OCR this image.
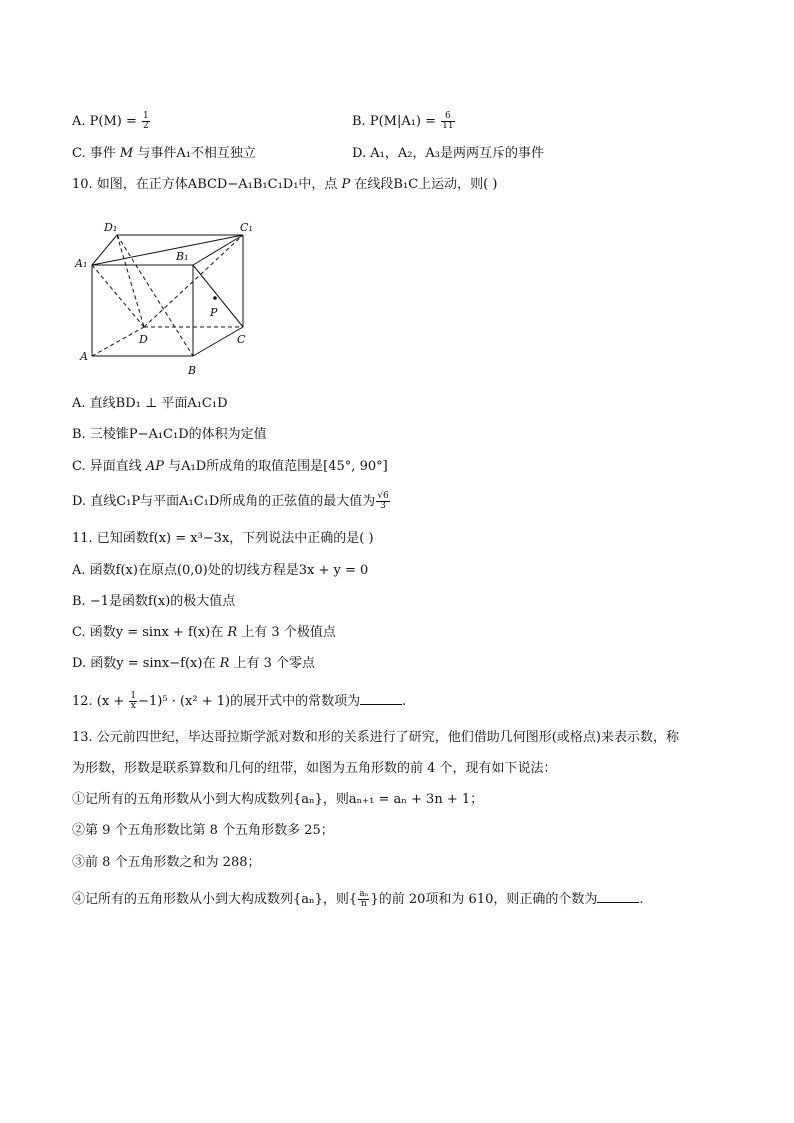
A. $P(M) = \frac{1}{2}$	B. $P(M|A_1) = \frac{6}{11}$
C. 事件 M 与事件A₁不相互独立	D. A₁，A₂，A₃是两两互斥的事件
10. 如图，在正方体ABCD−A₁B₁C₁D₁中，点 P 在线段B₁C上运动，则( )
D₁	C₁
A₁
B₁
P
D	C
A
B
A. 直线BD₁ ⊥ 平面A₁C₁D
B. 三棱锥P−A₁C₁D的体积为定值
C. 异面直线 AP 与A₁D所成角的取值范围是[45°, 90°]
D. 直线C₁P与平面A₁C₁D所成角的正弦值的最大值为 $\frac{√6}{3}$
11. 已知函数f(x) = x³−3x，下列说法中正确的是( )
A. 函数f(x)在原点(0,0)处的切线方程是3x + y = 0
B. −1是函数f(x)的极大值点
C. 函数y = sinx + f(x)在 R 上有 3 个极值点
D. 函数y = sinx−f(x)在 R 上有 3 个零点
12. $(x + \frac{1}{x} -1)^5 \cdot (x^2 + 1)$的展开式中的常数项为	.
13. 公元前四世纪，毕达哥拉斯学派对数和形的关系进行了研究，他们借助几何图形(或格点)来表示数，称
为形数，形数是联系算数和几何的纽带，如图为五角形数的前 4 个，现有如下说法：
①记所有的五角形数从小到大构成数列{aₙ}，则aₙ₊₁ = aₙ + 3n + 1；
②第 9 个五角形数比第 8 个五角形数多 25；
③前 8 个五角形数之和为 288；
④记所有的五角形数从小到大构成数列{aₙ}，则{ $\frac{\text{aₙ}}{n}$ }的前 20项和为 610，则正确的个数为	.
